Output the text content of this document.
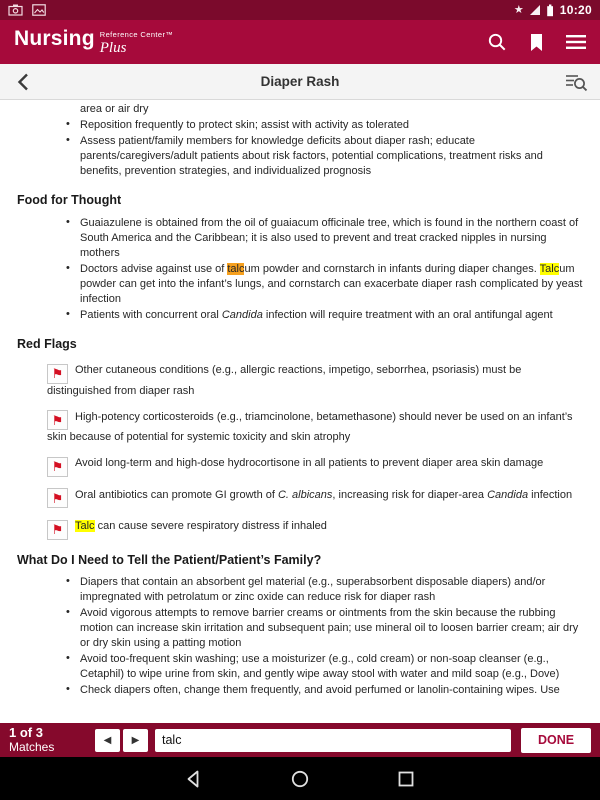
★	10:20
Nursing Reference Center™
Plus
Diaper Rash
area or air dry
• Reposition frequently to protect skin; assist with activity as tolerated
• Assess patient/family members for knowledge deficits about diaper rash; educate parents/caregivers/adult patients about risk factors, potential complications, treatment risks and benefits, prevention strategies, and individualized prognosis
Food for Thought
• Guaiazulene is obtained from the oil of guaiacum officinale tree, which is found in the northern coast of South America and the Caribbean; it is also used to prevent and treat cracked nipples in nursing mothers
• Doctors advise against use of talcum powder and cornstarch in infants during diaper changes. Talcum powder can get into the infant’s lungs, and cornstarch can exacerbate diaper rash complicated by yeast infection
• Patients with concurrent oral Candida infection will require treatment with an oral antifungal agent
Red Flags
⚑ Other cutaneous conditions (e.g., allergic reactions, impetigo, seborrhea, psoriasis) must be distinguished from diaper rash
⚑ High-potency corticosteroids (e.g., triamcinolone, betamethasone) should never be used on an infant’s skin because of potential for systemic toxicity and skin atrophy
⚑ Avoid long-term and high-dose hydrocortisone in all patients to prevent diaper area skin damage
⚑ Oral antibiotics can promote GI growth of C. albicans, increasing risk for diaper-area Candida infection
⚑ Talc can cause severe respiratory distress if inhaled
What Do I Need to Tell the Patient/Patient’s Family?
• Diapers that contain an absorbent gel material (e.g., superabsorbent disposable diapers) and/or impregnated with petrolatum or zinc oxide can reduce risk for diaper rash
• Avoid vigorous attempts to remove barrier creams or ointments from the skin because the rubbing motion can increase skin irritation and subsequent pain; use mineral oil to loosen barrier cream; air dry or dry skin using a patting motion
• Avoid too-frequent skin washing; use a moisturizer (e.g., cold cream) or non-soap cleanser (e.g., Cetaphil) to wipe urine from skin, and gently wipe away stool with water and mild soap (e.g., Dove)
• Check diapers often, change them frequently, and avoid perfumed or lanolin-containing wipes. Use
1 of 3
Matches	◀	▶
talc	DONE
